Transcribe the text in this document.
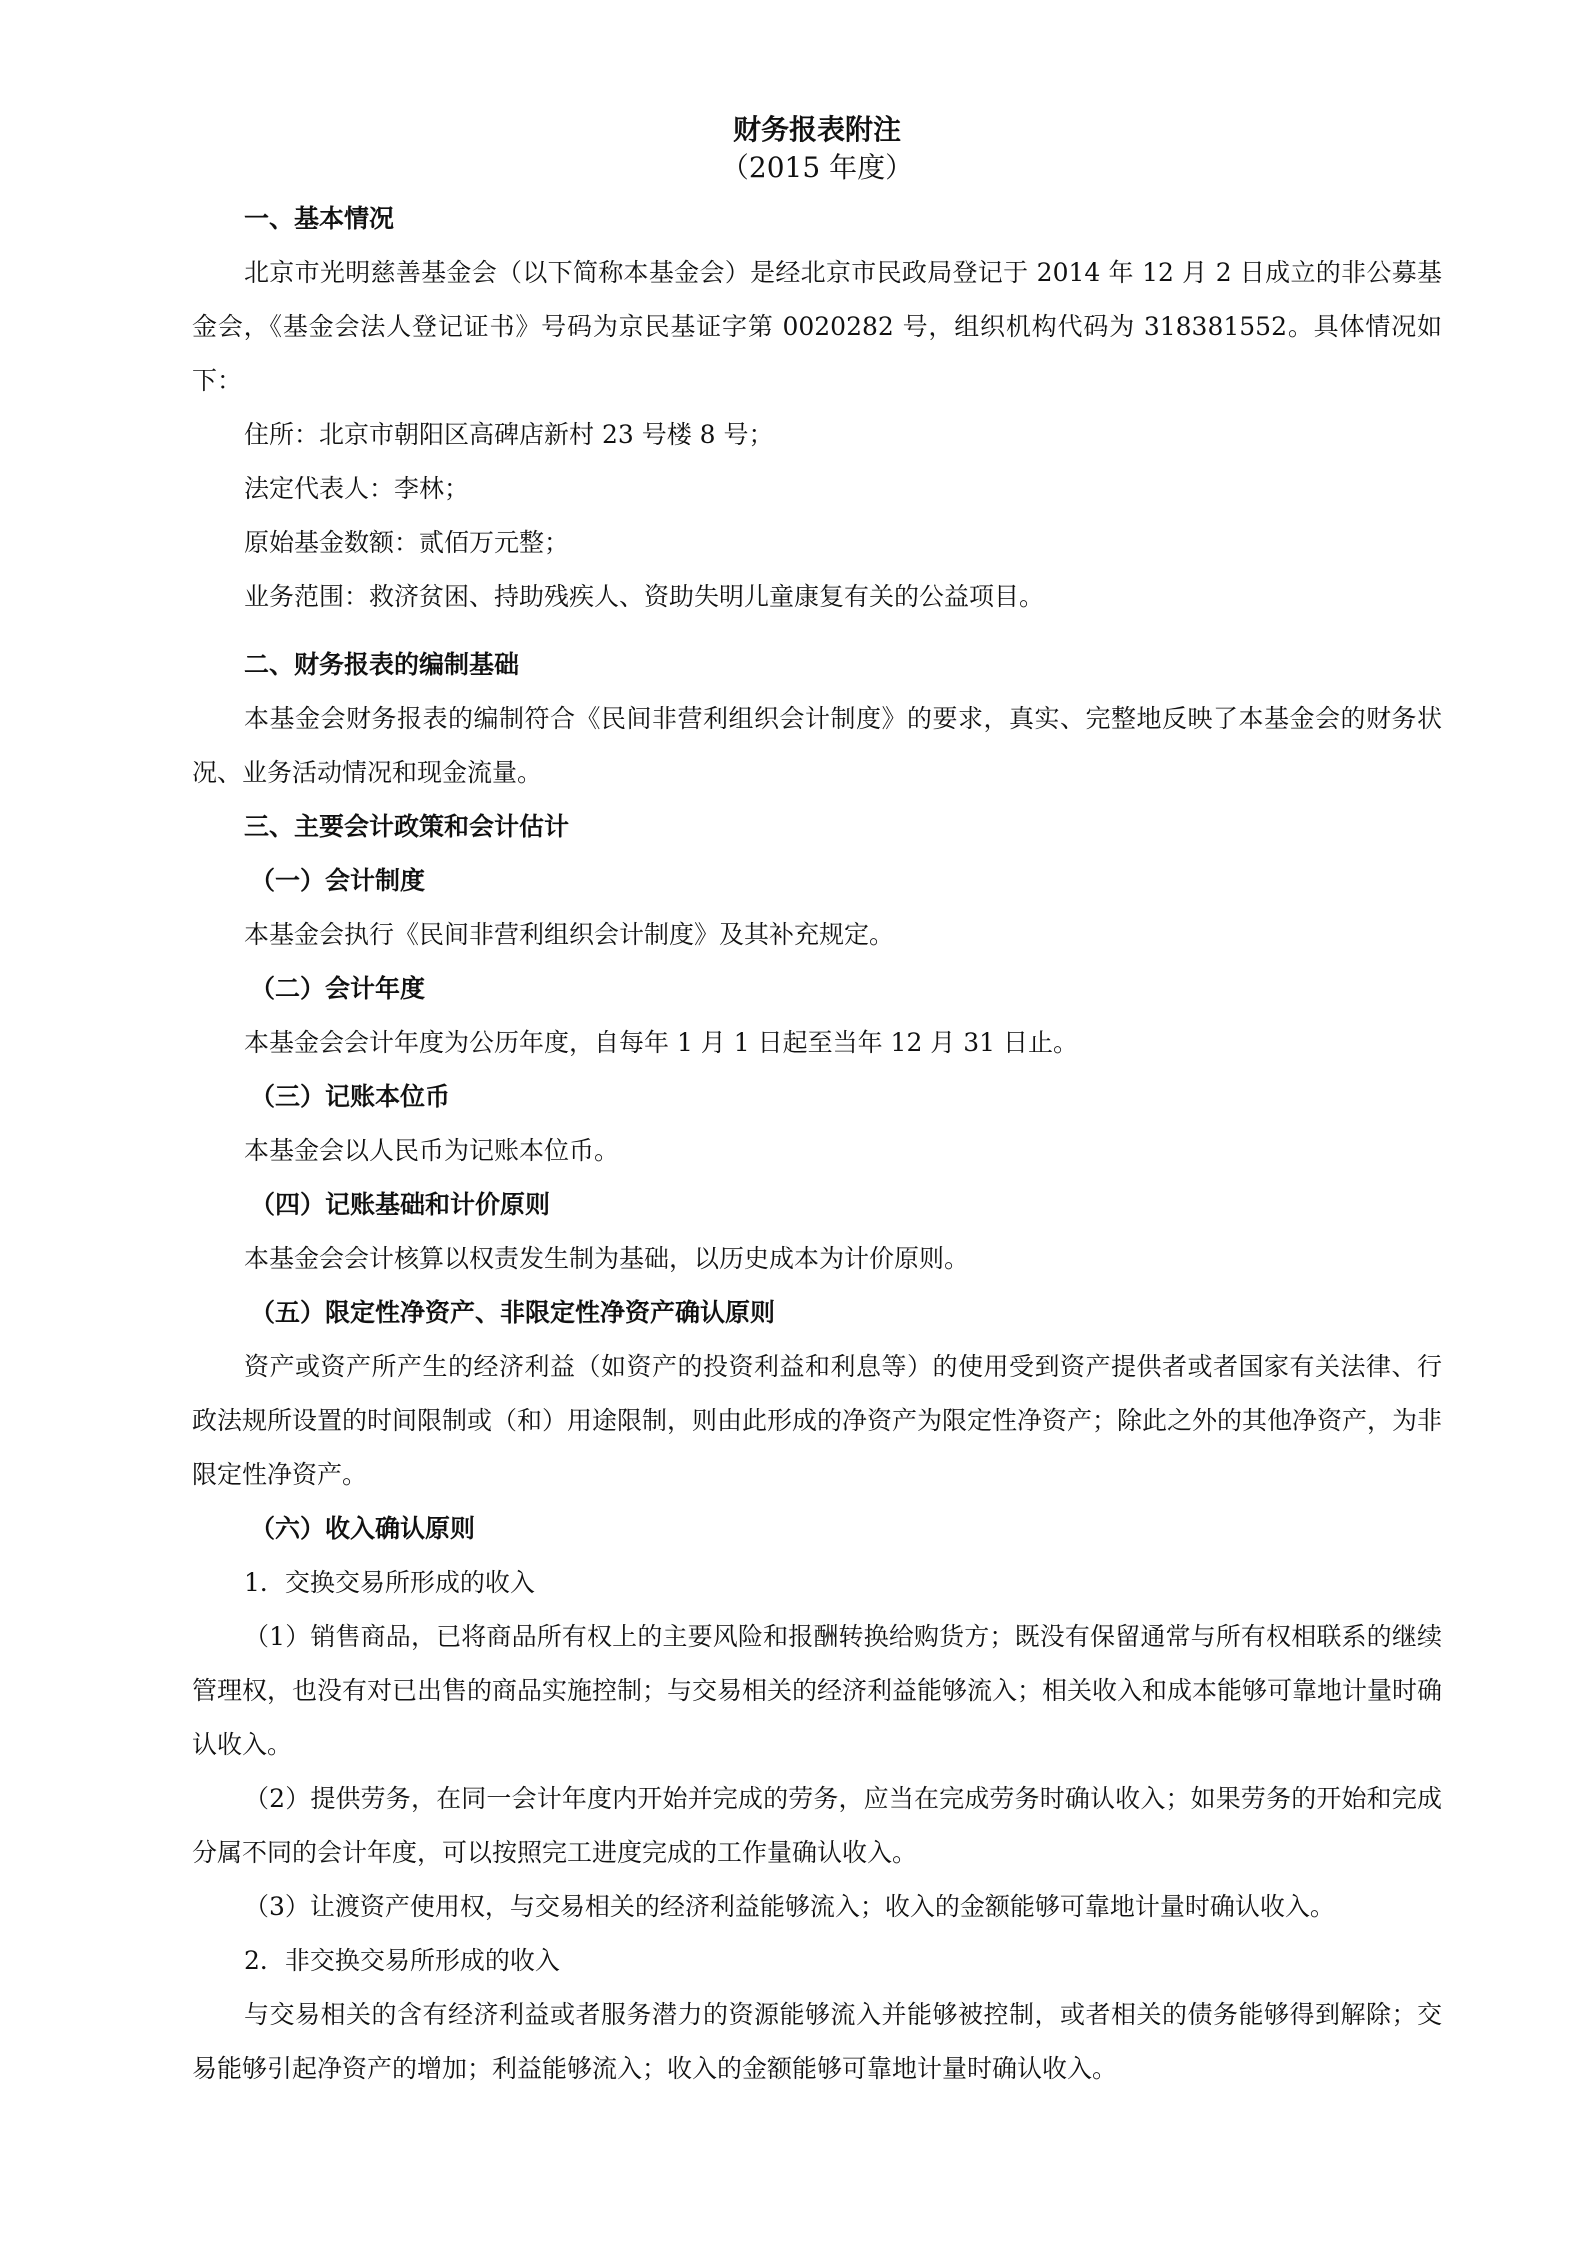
财务报表附注
（2015 年度）
一、基本情况
北京市光明慈善基金会（以下简称本基金会）是经北京市民政局登记于 2014 年 12 月 2 日成立的非公募基金会，《基金会法人登记证书》号码为京民基证字第 0020282 号，组织机构代码为 318381552。具体情况如下：
住所：北京市朝阳区高碑店新村 23 号楼 8 号；
法定代表人：李林；
原始基金数额：贰佰万元整；
业务范围：救济贫困、持助残疾人、资助失明儿童康复有关的公益项目。
二、财务报表的编制基础
本基金会财务报表的编制符合《民间非营利组织会计制度》的要求，真实、完整地反映了本基金会的财务状况、业务活动情况和现金流量。
三、主要会计政策和会计估计
（一）会计制度
本基金会执行《民间非营利组织会计制度》及其补充规定。
（二）会计年度
本基金会会计年度为公历年度，自每年 1 月 1 日起至当年 12 月 31 日止。
（三）记账本位币
本基金会以人民币为记账本位币。
（四）记账基础和计价原则
本基金会会计核算以权责发生制为基础，以历史成本为计价原则。
（五）限定性净资产、非限定性净资产确认原则
资产或资产所产生的经济利益（如资产的投资利益和利息等）的使用受到资产提供者或者国家有关法律、行政法规所设置的时间限制或（和）用途限制，则由此形成的净资产为限定性净资产；除此之外的其他净资产，为非限定性净资产。
（六）收入确认原则
1．交换交易所形成的收入
（1）销售商品，已将商品所有权上的主要风险和报酬转换给购货方；既没有保留通常与所有权相联系的继续管理权，也没有对已出售的商品实施控制；与交易相关的经济利益能够流入；相关收入和成本能够可靠地计量时确认收入。
（2）提供劳务，在同一会计年度内开始并完成的劳务，应当在完成劳务时确认收入；如果劳务的开始和完成分属不同的会计年度，可以按照完工进度完成的工作量确认收入。
（3）让渡资产使用权，与交易相关的经济利益能够流入；收入的金额能够可靠地计量时确认收入。
2．非交换交易所形成的收入
与交易相关的含有经济利益或者服务潜力的资源能够流入并能够被控制，或者相关的债务能够得到解除；交易能够引起净资产的增加；利益能够流入；收入的金额能够可靠地计量时确认收入。
